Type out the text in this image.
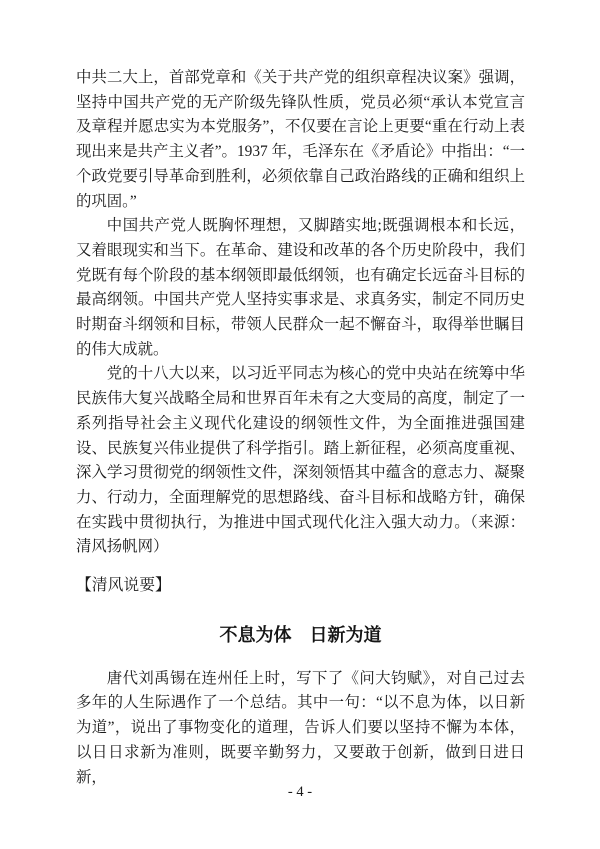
中共二大上，首部党章和《关于共产党的组织章程决议案》强调，坚持中国共产党的无产阶级先锋队性质，党员必须“承认本党宣言及章程并愿忠实为本党服务”，不仅要在言论上更要“重在行动上表现出来是共产主义者”。1937 年，毛泽东在《矛盾论》中指出：“一个政党要引导革命到胜利，必须依靠自己政治路线的正确和组织上的巩固。”

中国共产党人既胸怀理想，又脚踏实地;既强调根本和长远，又着眼现实和当下。在革命、建设和改革的各个历史阶段中，我们党既有每个阶段的基本纲领即最低纲领，也有确定长远奋斗目标的最高纲领。中国共产党人坚持实事求是、求真务实，制定不同历史时期奋斗纲领和目标，带领人民群众一起不懈奋斗，取得举世瞩目的伟大成就。

党的十八大以来，以习近平同志为核心的党中央站在统筹中华民族伟大复兴战略全局和世界百年未有之大变局的高度，制定了一系列指导社会主义现代化建设的纲领性文件，为全面推进强国建设、民族复兴伟业提供了科学指引。踏上新征程，必须高度重视、深入学习贯彻党的纲领性文件，深刻领悟其中蕴含的意志力、凝聚力、行动力，全面理解党的思想路线、奋斗目标和战略方针，确保在实践中贯彻执行，为推进中国式现代化注入强大动力。（来源：清风扬帆网）

【清风说要】
不息为体　日新为道

唐代刘禹锡在连州任上时，写下了《问大钧赋》，对自己过去多年的人生际遇作了一个总结。其中一句：“以不息为体，以日新为道”，说出了事物变化的道理，告诉人们要以坚持不懈为本体，以日日求新为准则，既要辛勤努力，又要敢于创新，做到日进日新，

- 4 -
